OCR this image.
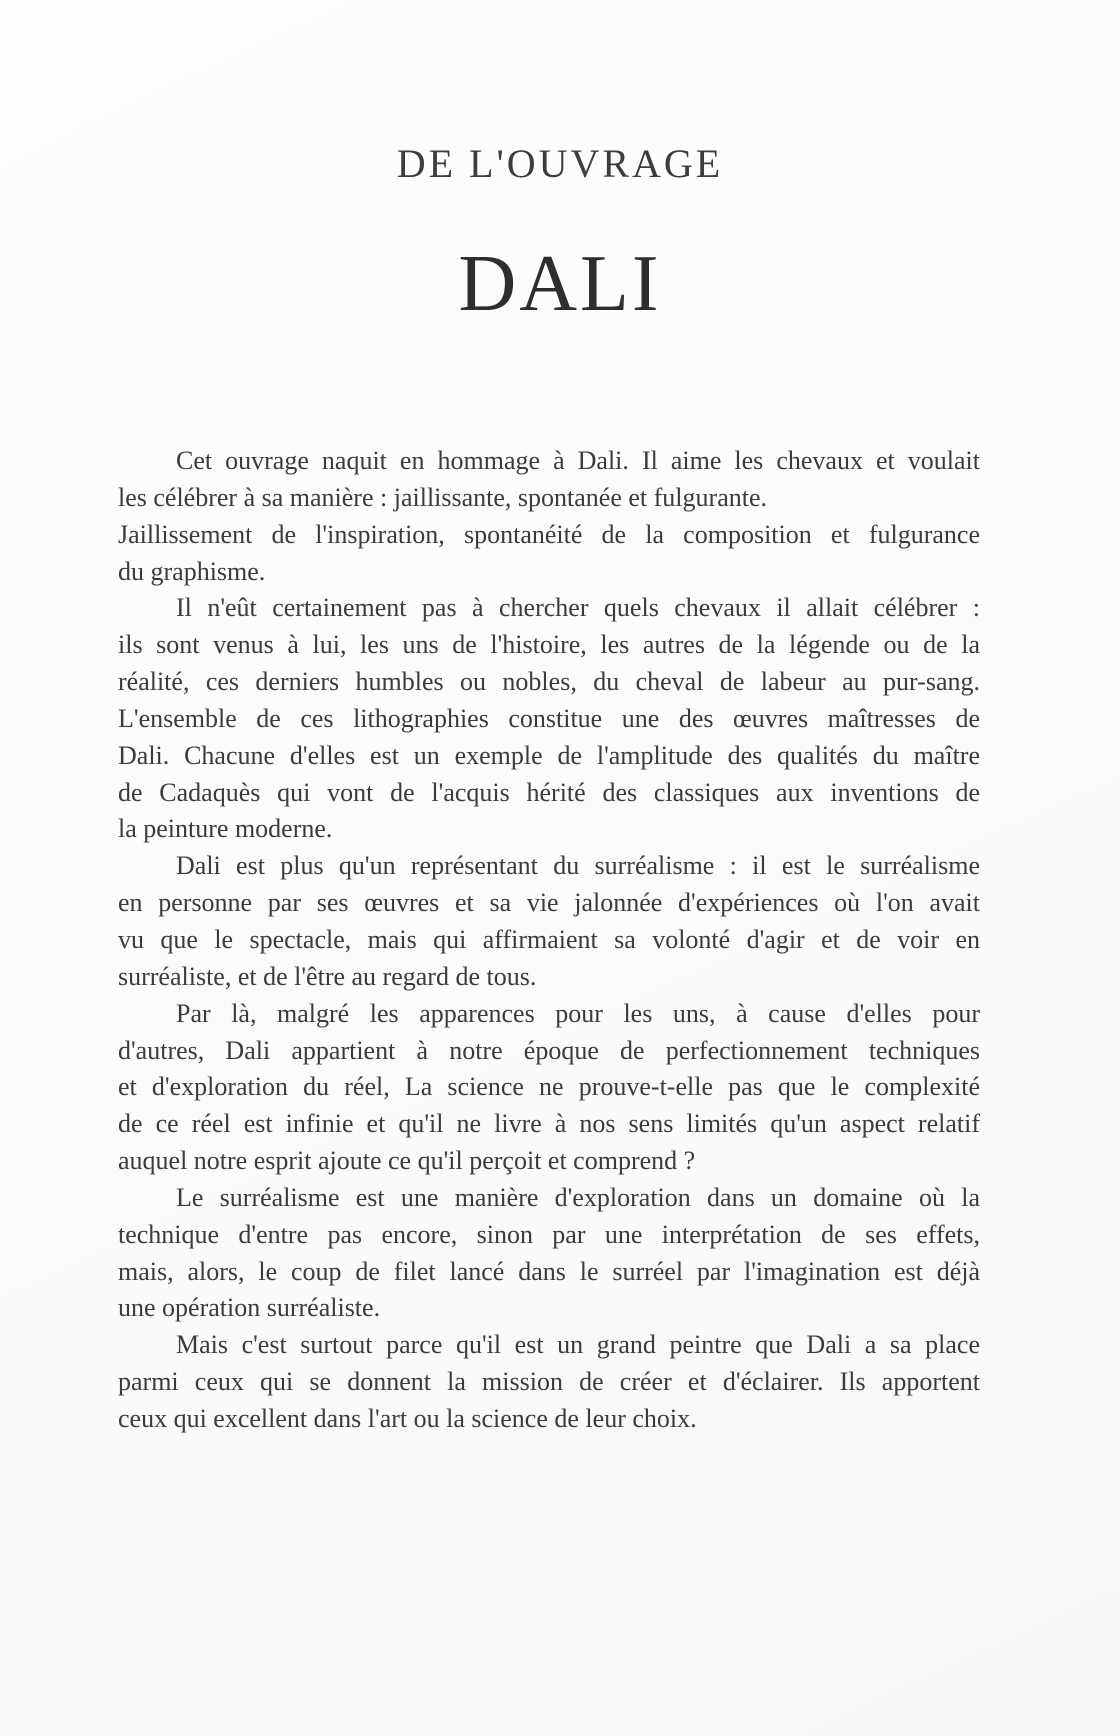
DE L'OUVRAGE
DALI

Cet ouvrage naquit en hommage à Dali. Il aime les chevaux et voulait
les célébrer à sa manière : jaillissante, spontanée et fulgurante.

Jaillissement de l'inspiration, spontanéité de la composition et fulgurance
du graphisme.

Il n'eût certainement pas à chercher quels chevaux il allait célébrer :
ils sont venus à lui, les uns de l'histoire, les autres de la légende ou de la
réalité, ces derniers humbles ou nobles, du cheval de labeur au pur-sang.
L'ensemble de ces lithographies constitue une des œuvres maîtresses de
Dali. Chacune d'elles est un exemple de l'amplitude des qualités du maître
de Cadaquès qui vont de l'acquis hérité des classiques aux inventions de
la peinture moderne.

Dali est plus qu'un représentant du surréalisme : il est le surréalisme
en personne par ses œuvres et sa vie jalonnée d'expériences où l'on avait
vu que le spectacle, mais qui affirmaient sa volonté d'agir et de voir en
surréaliste, et de l'être au regard de tous.

Par là, malgré les apparences pour les uns, à cause d'elles pour
d'autres, Dali appartient à notre époque de perfectionnement techniques
et d'exploration du réel, La science ne prouve-t-elle pas que le complexité
de ce réel est infinie et qu'il ne livre à nos sens limités qu'un aspect relatif
auquel notre esprit ajoute ce qu'il perçoit et comprend ?

Le surréalisme est une manière d'exploration dans un domaine où la
technique d'entre pas encore, sinon par une interprétation de ses effets,
mais, alors, le coup de filet lancé dans le surréel par l'imagination est déjà
une opération surréaliste.

Mais c'est surtout parce qu'il est un grand peintre que Dali a sa place
parmi ceux qui se donnent la mission de créer et d'éclairer. Ils apportent
ceux qui excellent dans l'art ou la science de leur choix.
